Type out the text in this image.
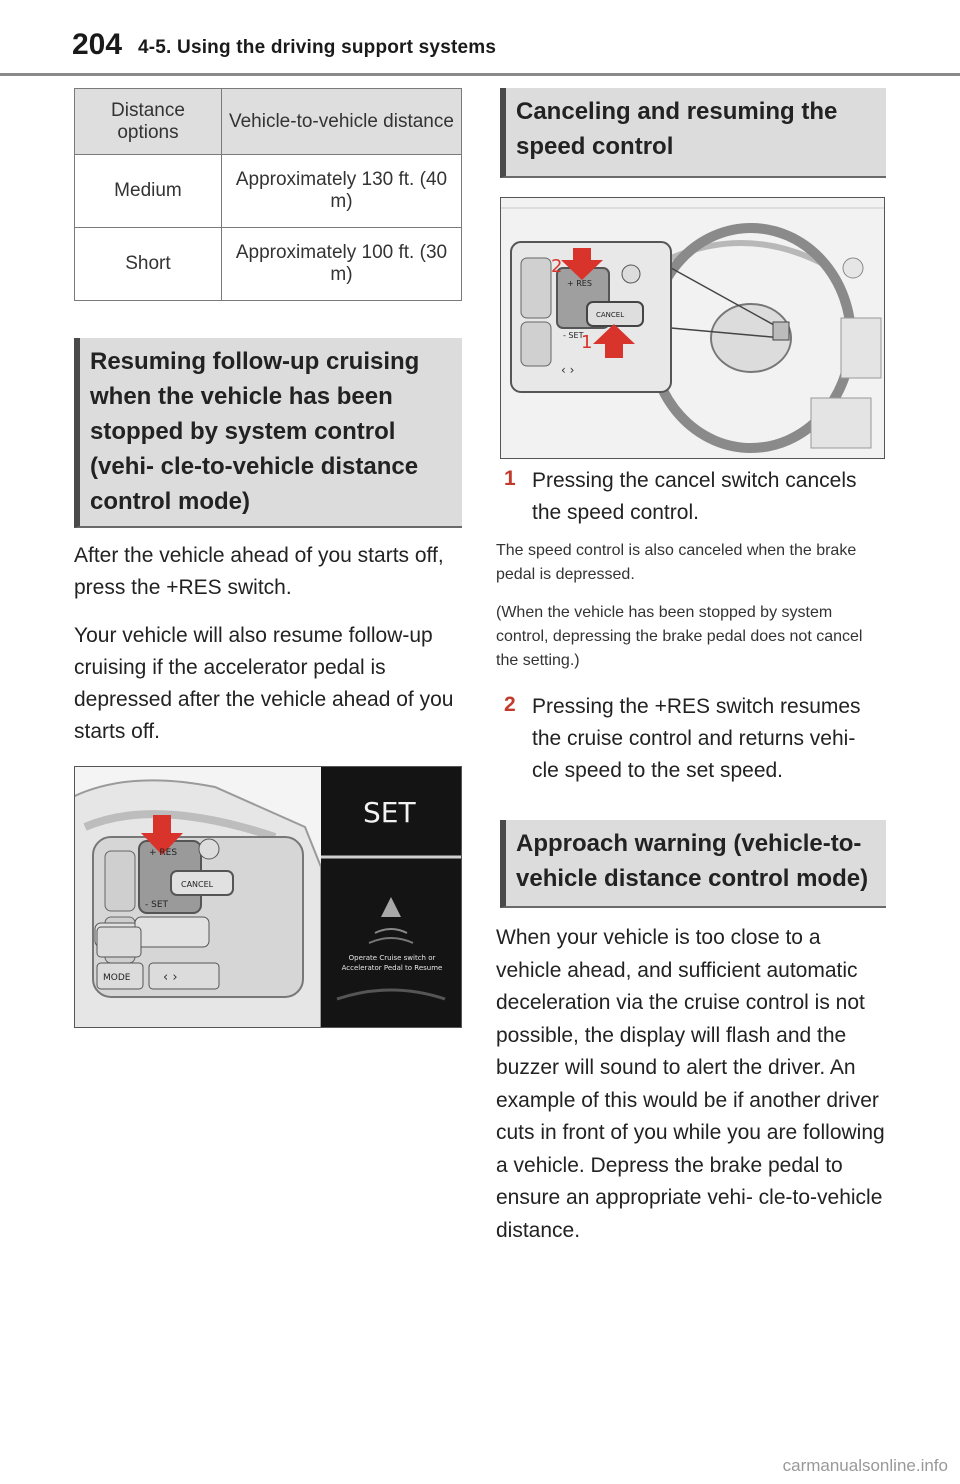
204 4-5. Using the driving support systems
Distance options	Vehicle-to-vehicle distance
Medium	Approximately 130 ft. (40 m)
Short	Approximately 100 ft. (30 m)
Resuming follow-up cruising when the vehicle has been stopped by system control (vehi- cle-to-vehicle distance control mode)

After the vehicle ahead of you starts off, press the +RES switch.

Your vehicle will also resume follow-up cruising if the accelerator pedal is depressed after the vehicle ahead of you starts off.

+ RES
- SET
CANCEL
MODE	‹ ›
SET
Operate Cruise switch or Accelerator Pedal to Resume
Canceling and resuming the speed control
+ RES
- SET
CANCEL
‹ ›
2
1
1 Pressing the cancel switch cancels the speed control.

The speed control is also canceled when the brake pedal is depressed.

(When the vehicle has been stopped by system control, depressing the brake pedal does not cancel the setting.)

2 Pressing the +RES switch resumes the cruise control and returns vehi- cle speed to the set speed.

Approach warning (vehicle-to- vehicle distance control mode)

When your vehicle is too close to a vehicle ahead, and sufficient automatic deceleration via the cruise control is not possible, the display will flash and the buzzer will sound to alert the driver. An example of this would be if another driver cuts in front of you while you are following a vehicle. Depress the brake pedal to ensure an appropriate vehi- cle-to-vehicle distance.

carmanualsonline.info
